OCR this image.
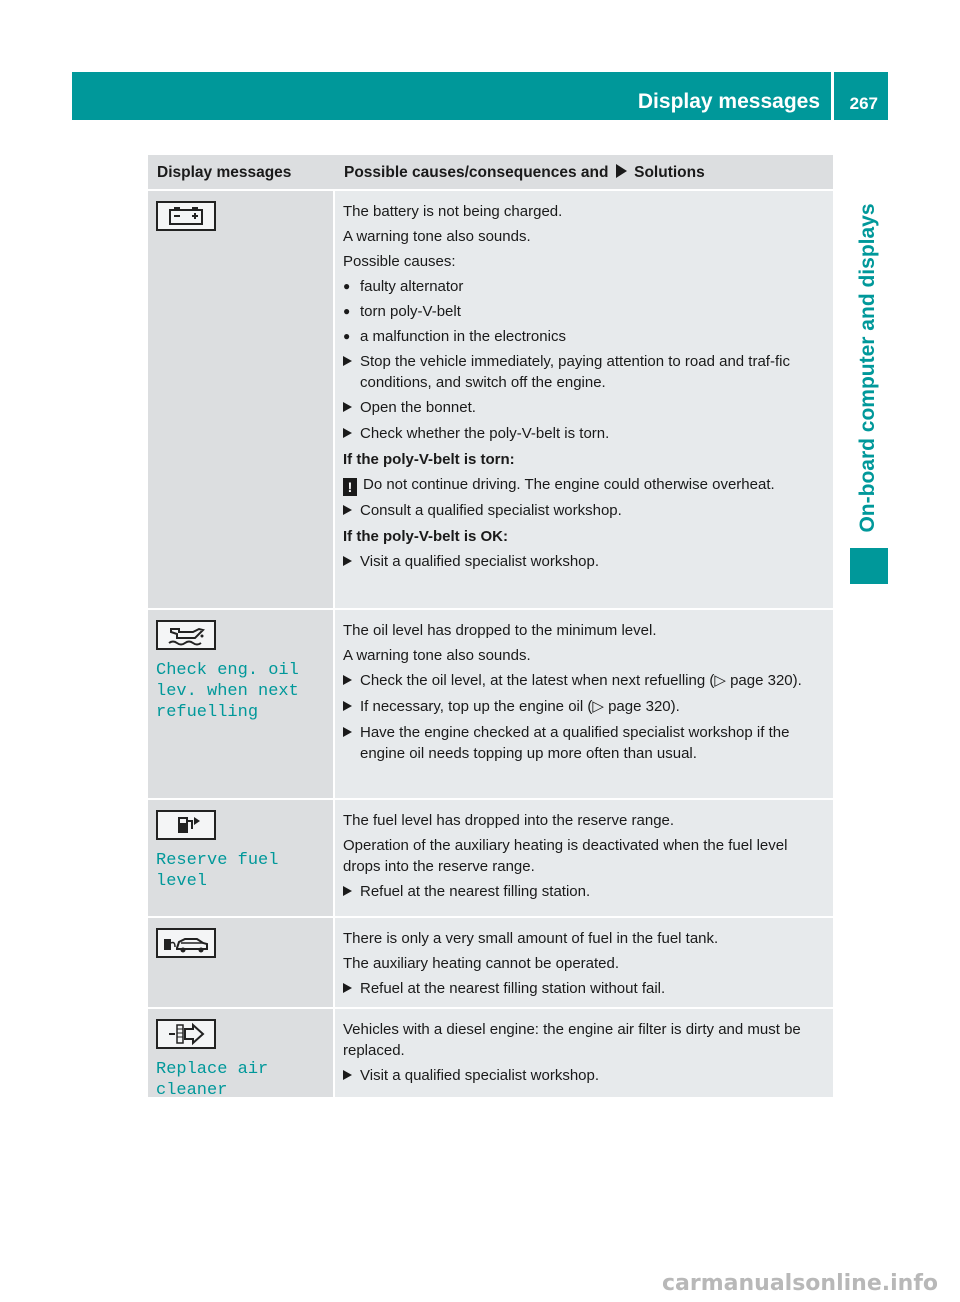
Display messages 267
On-board computer and displays
Display messages	Possible causes/consequences and Solutions

The battery is not being charged.

A warning tone also sounds.

Possible causes:

● faulty alternator
● torn poly-V-belt
● a malfunction in the electronics
Stop the vehicle immediately, paying attention to road and traf-fic conditions, and switch off the engine.
Open the bonnet.
Check whether the poly-V-belt is torn.

If the poly-V-belt is torn:

! Do not continue driving. The engine could otherwise overheat.

Consult a qualified specialist workshop.

If the poly-V-belt is OK:

Visit a qualified specialist workshop.
Check eng. oil
lev. when next
refuelling

The oil level has dropped to the minimum level.

A warning tone also sounds.

Check the oil level, at the latest when next refuelling (▷ page 320).
If necessary, top up the engine oil (▷ page 320).
Have the engine checked at a qualified specialist workshop if the engine oil needs topping up more often than usual.
Reserve fuel level

The fuel level has dropped into the reserve range.

Operation of the auxiliary heating is deactivated when the fuel level drops into the reserve range.

Refuel at the nearest filling station.

There is only a very small amount of fuel in the fuel tank.

The auxiliary heating cannot be operated.

Refuel at the nearest filling station without fail.
Replace air cleaner

Vehicles with a diesel engine: the engine air filter is dirty and must be replaced.

Visit a qualified specialist workshop.
carmanualsonline.info
